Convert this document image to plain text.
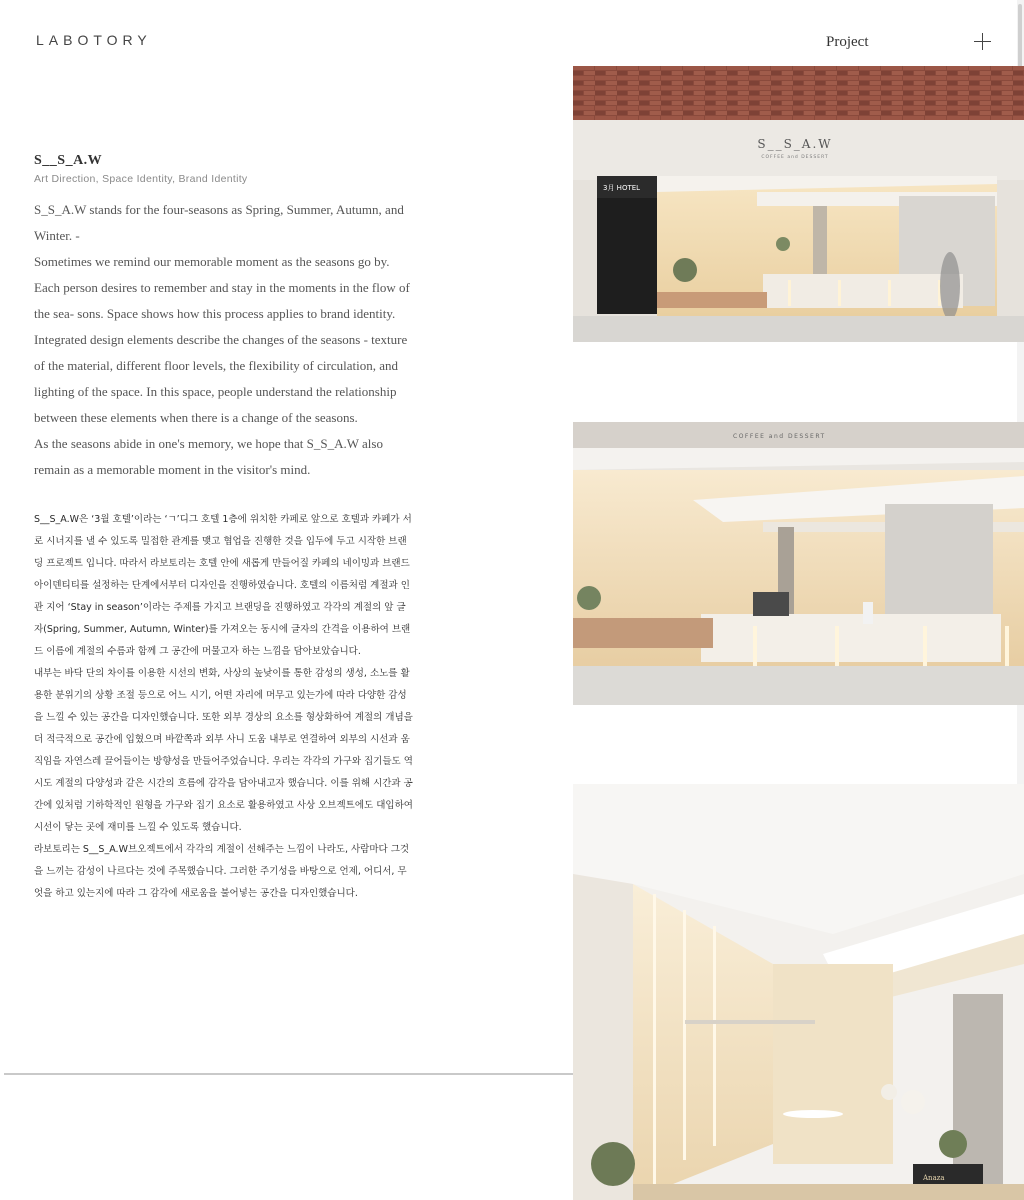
LABOTORY	Project
S__S_A.W
Art Direction, Space Identity, Brand Identity

S_S_A.W stands for the four-seasons as Spring, Summer, Autumn, and Winter. -

Sometimes we remind our memorable moment as the seasons go by. Each person desires to remember and stay in the moments in the flow of the sea- sons. Space shows how this process applies to brand identity.

Integrated design elements describe the changes of the seasons - texture of the material, different floor levels, the flexibility of circulation, and lighting of the space. In this space, people understand the relationship between these elements when there is a change of the seasons.

As the seasons abide in one's memory, we hope that S_S_A.W also remain as a memorable moment in the visitor's mind.

S__S_A.W은 ‘3월 호텔’이라는 ‘ㄱ’디그 호텔 1층에 위치한 카페로 앞으로 호텔과 카페가 서로 시너지를 낼 수 있도록 밀접한 관계를 맺고 협업을 진행한 것을 입두에 두고 시작한 브랜딩 프로젝트 입니다. 따라서 라보토리는 호텔 안에 새롭게 만들어질 카페의 네이밍과 브랜드 아이덴티티를 설정하는 단계에서부터 디자인을 진행하였습니다. 호텔의 이름처럼 계절과 인관 지어 ‘Stay in season’이라는 주제를 가지고 브랜딩을 진행하였고 각각의 계절의 앞 글자(Spring, Summer, Autumn, Winter)를 가져오는 동시에 글자의 간격을 이용하여 브랜드 이름에 계절의 수름과 함께 그 공간에 머물고자 하는 느낌을 담아보았습니다.

내부는 바닥 단의 차이를 이용한 시선의 변화, 사상의 높낮이를 통한 감성의 생성, 소노를 활용한 분위기의 상황 조절 등으로 어느 시기, 어떤 자리에 머무고 있는가에 따라 다양한 감성을 느낄 수 있는 공간을 디자인했습니다. 또한 외부 경상의 요소를 형상화하여 계절의 개념을 더 적극적으로 공간에 입혔으며 바깥쪽과 외부 사니 도움 내부로 연결하여 외부의 시선과 움직임을 자연스레 끌어들이는 방향성을 만들어주었습니다. 우리는 각각의 가구와 집기들도 역시도 계절의 다양성과 같은 시간의 흐름에 감각을 담아내고자 했습니다. 이를 위해 시간과 공간에 있처럼 기하학적인 원형을 가구와 집기 요소로 활용하였고 사상 오브젝트에도 대입하여 시선이 닿는 곳에 재미를 느낄 수 있도록 했습니다.

라보토리는 S__S_A.W브오젝트에서 각각의 계절이 선해주는 느낌이 나라도, 사람마다 그것을 느끼는 감성이 나르다는 것에 주목했습니다. 그러한 주기성을 바탕으로 언제, 어디서, 무엇을 하고 있는지에 따라 그 감각에 새로움을 불어넣는 공간을 디자인했습니다.

S__S_A.W
COFFEE and DESSERT
3月 HOTEL
COFFEE and DESSERT
Anaza
